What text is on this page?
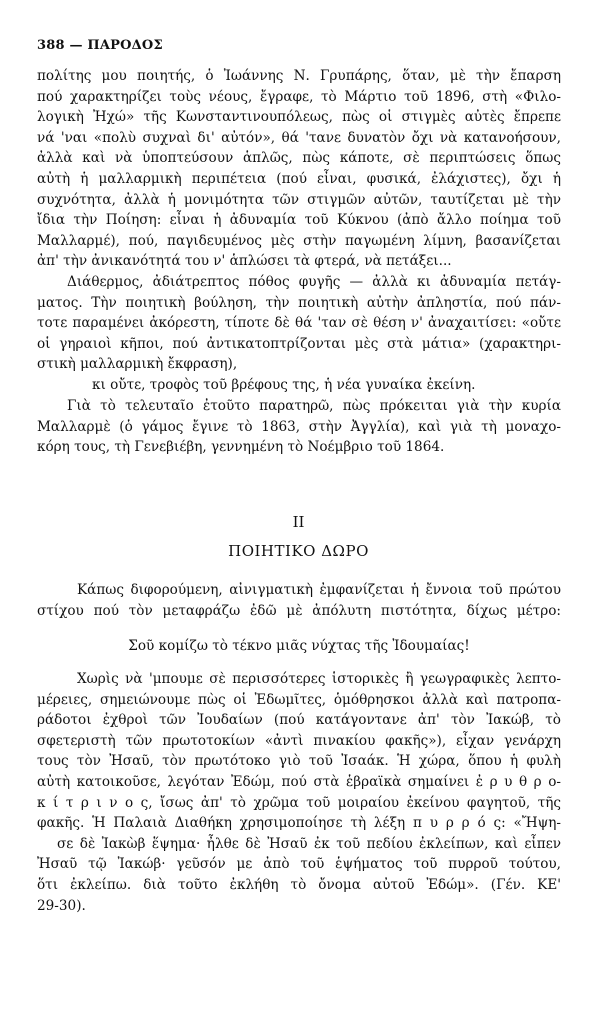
388 — ΠΑΡΟΔΟΣ
πολίτης μου ποιητής, ὁ Ἰωάννης Ν. Γρυπάρης, ὅταν, μὲ τὴν ἔπαρση
πού χαρακτηρίζει τοὺς νέους, ἔγραφε, τὸ Μάρτιο τοῦ 1896, στὴ «Φιλο-
λογικὴ Ἠχώ» τῆς Κωνσταντινουπόλεως, πὼς οἱ στιγμὲς αὐτὲς ἔπρεπε
νά 'ναι «πολὺ συχναὶ δι' αὐτόν», θά 'τανε δυνατὸν ὄχι νὰ κατανοήσουν,
ἀλλὰ καὶ νὰ ὑποπτεύσουν ἁπλῶς, πὼς κάποτε, σὲ περιπτώσεις ὅπως
αὐτὴ ἡ μαλλαρμικὴ περιπέτεια (πού εἶναι, φυσικά, ἐλάχιστες), ὄχι ἡ
συχνότητα, ἀλλὰ ἡ μονιμότητα τῶν στιγμῶν αὐτῶν, ταυτίζεται μὲ τὴν
ἴδια τὴν Ποίηση: εἶναι ἡ ἀδυναμία τοῦ Κύκνου (ἀπὸ ἄλλο ποίημα τοῦ
Μαλλαρμέ), πού, παγιδευμένος μὲς στὴν παγωμένη λίμνη, βασανίζεται
ἀπ' τὴν ἀνικανότητά του ν' ἁπλώσει τὰ φτερά, νὰ πετάξει...
Διάθερμος, ἀδιάτρεπτος πόθος φυγῆς — ἀλλὰ κι ἀδυναμία πετάγ-
ματος. Τὴν ποιητικὴ βούληση, τὴν ποιητικὴ αὐτὴν ἀπληστία, πού πάν-
τοτε παραμένει ἀκόρεστη, τίποτε δὲ θά 'ταν σὲ θέση ν' ἀναχαιτίσει: «οὔτε
οἱ γηραιοὶ κῆποι, πού ἀντικατοπτρίζονται μὲς στὰ μάτια» (χαρακτηρι-
στικὴ μαλλαρμικὴ ἔκφραση),
κι οὔτε, τροφὸς τοῦ βρέφους της, ἡ νέα γυναίκα ἐκείνη.
Γιὰ τὸ τελευταῖο ἐτοῦτο παρατηρῶ, πὼς πρόκειται γιὰ τὴν κυρία
Μαλλαρμὲ (ὁ γάμος ἔγινε τὸ 1863, στὴν Ἀγγλία), καὶ γιὰ τὴ μοναχο-
κόρη τους, τὴ Γενεβιέβη, γεννημένη τὸ Νοέμβριο τοῦ 1864.
II
ΠΟΙΗΤΙΚΟ ΔΩΡΟ
Κάπως διφορούμενη, αἰνιγματικὴ ἐμφανίζεται ἡ ἔννοια τοῦ πρώτου
στίχου πού τὸν μεταφράζω ἐδῶ μὲ ἀπόλυτη πιστότητα, δίχως μέτρο:
Σοῦ κομίζω τὸ τέκνο μιᾶς νύχτας τῆς Ἰδουμαίας!
Χωρὶς νὰ 'μπουμε σὲ περισσότερες ἱστορικὲς ἢ γεωγραφικὲς λεπτο-
μέρειες, σημειώνουμε πὼς οἱ Ἐδωμῖτες, ὁμόθρησκοι ἀλλὰ καὶ πατροπα-
ράδοτοι ἐχθροὶ τῶν Ἰουδαίων (πού κατάγοντανε ἀπ' τὸν Ἰακώβ, τὸ
σφετεριστὴ τῶν πρωτοτοκίων «ἀντὶ πινακίου φακῆς»), εἶχαν γενάρχη
τους τὸν Ἠσαῦ, τὸν πρωτότοκο γιὸ τοῦ Ἰσαάκ. Ἡ χώρα, ὅπου ἡ φυλὴ
αὐτὴ κατοικοῦσε, λεγόταν Ἐδώμ, πού στὰ ἑβραϊκὰ σημαίνει ἐ ρ υ θ ρ ο-
κ ί τ ρ ι ν ο ς, ἴσως ἀπ' τὸ χρῶμα τοῦ μοιραίου ἐκείνου φαγητοῦ, τῆς
φακῆς. Ἡ Παλαιὰ Διαθήκη χρησιμοποίησε τὴ λέξη π υ ρ ρ ό ς: «Ἤψη-
σε δὲ Ἰακὼβ ἕψημα· ἦλθε δὲ Ἠσαῦ ἐκ τοῦ πεδίου ἐκλείπων, καὶ εἶπεν
Ἠσαῦ τῷ Ἰακώβ· γεῦσόν με ἀπὸ τοῦ ἑψήματος τοῦ πυρροῦ τούτου,
ὅτι ἐκλείπω. διὰ τοῦτο ἐκλήθη τὸ ὄνομα αὐτοῦ Ἐδώμ». (Γέν. ΚΕ'
29-30).
